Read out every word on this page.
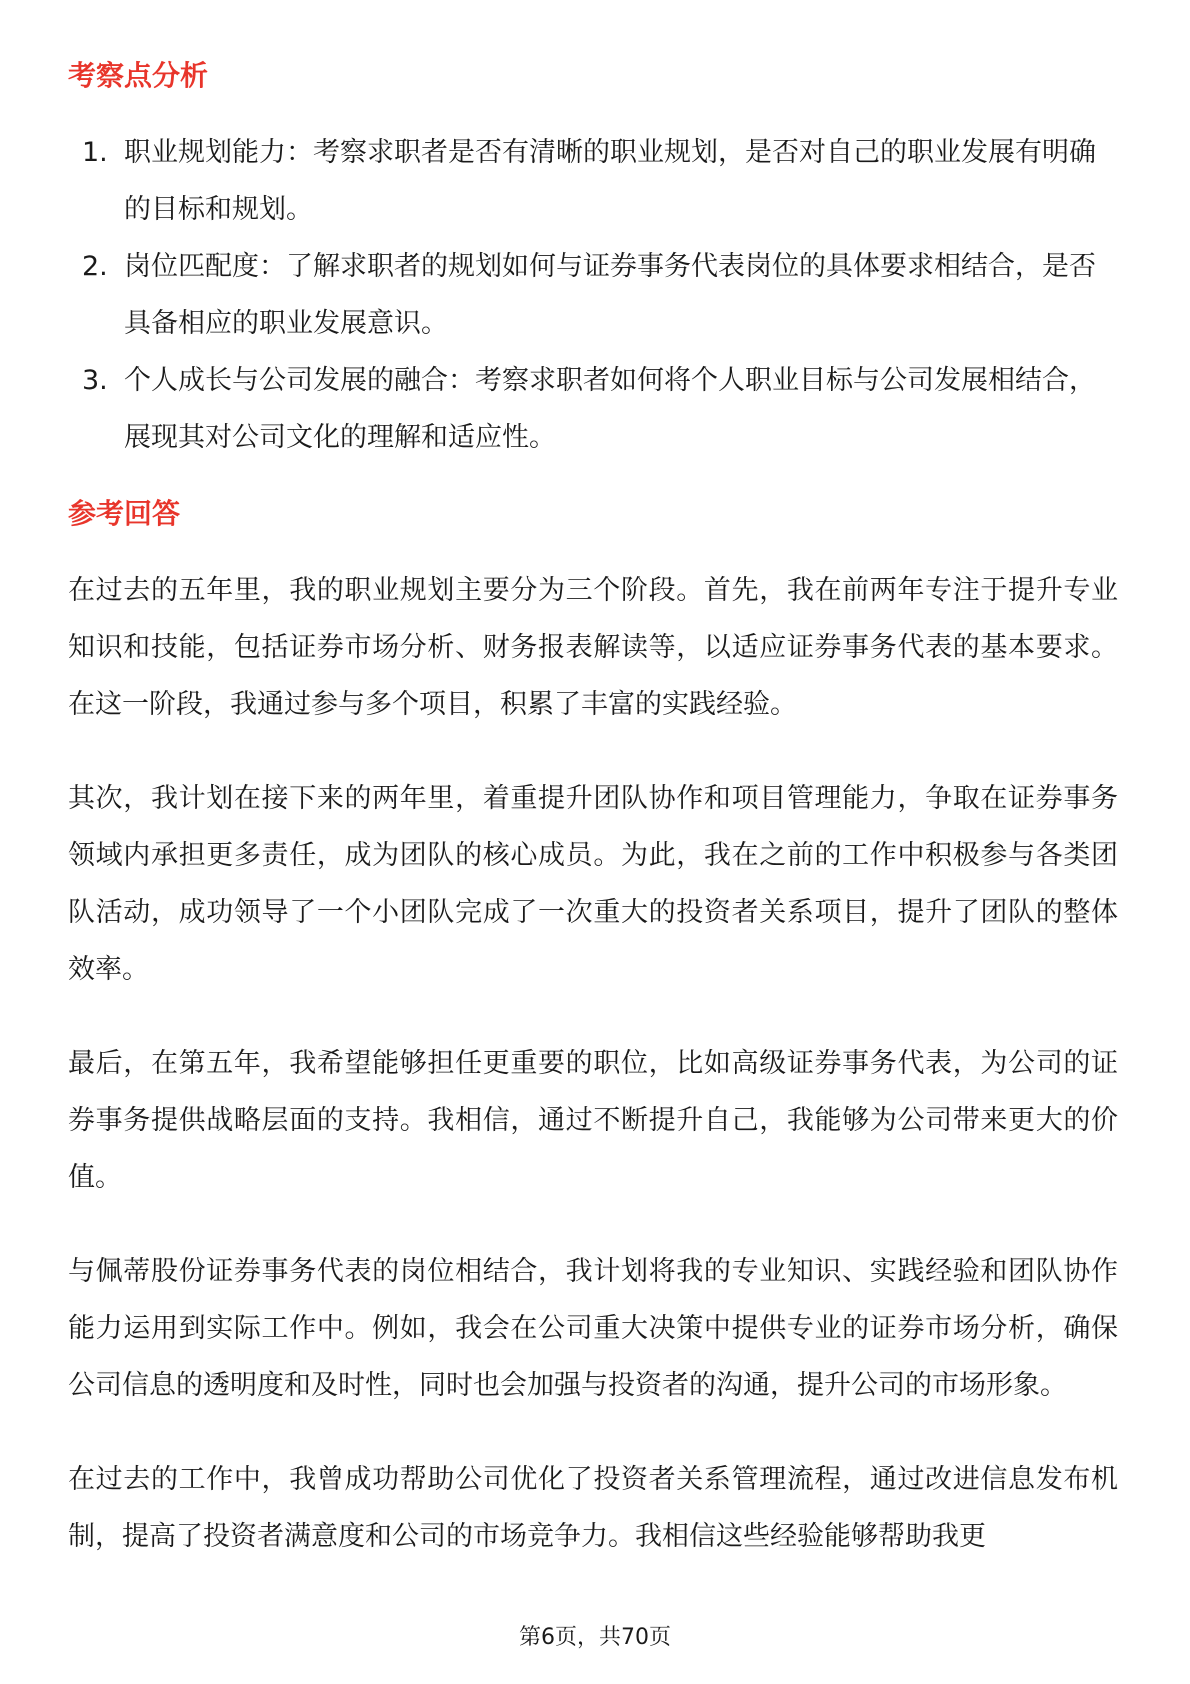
考察点分析
1. 职业规划能力：考察求职者是否有清晰的职业规划，是否对自己的职业发展有明确的目标和规划。
2. 岗位匹配度：了解求职者的规划如何与证券事务代表岗位的具体要求相结合，是否具备相应的职业发展意识。
3. 个人成长与公司发展的融合：考察求职者如何将个人职业目标与公司发展相结合，展现其对公司文化的理解和适应性。
参考回答

在过去的五年里，我的职业规划主要分为三个阶段。首先，我在前两年专注于提升专业知识和技能，包括证券市场分析、财务报表解读等，以适应证券事务代表的基本要求。在这一阶段，我通过参与多个项目，积累了丰富的实践经验。

其次，我计划在接下来的两年里，着重提升团队协作和项目管理能力，争取在证券事务领域内承担更多责任，成为团队的核心成员。为此，我在之前的工作中积极参与各类团队活动，成功领导了一个小团队完成了一次重大的投资者关系项目，提升了团队的整体效率。

最后，在第五年，我希望能够担任更重要的职位，比如高级证券事务代表，为公司的证券事务提供战略层面的支持。我相信，通过不断提升自己，我能够为公司带来更大的价值。

与佩蒂股份证券事务代表的岗位相结合，我计划将我的专业知识、实践经验和团队协作能力运用到实际工作中。例如，我会在公司重大决策中提供专业的证券市场分析，确保公司信息的透明度和及时性，同时也会加强与投资者的沟通，提升公司的市场形象。

在过去的工作中，我曾成功帮助公司优化了投资者关系管理流程，通过改进信息发布机制，提高了投资者满意度和公司的市场竞争力。我相信这些经验能够帮助我更

第6页，共70页
